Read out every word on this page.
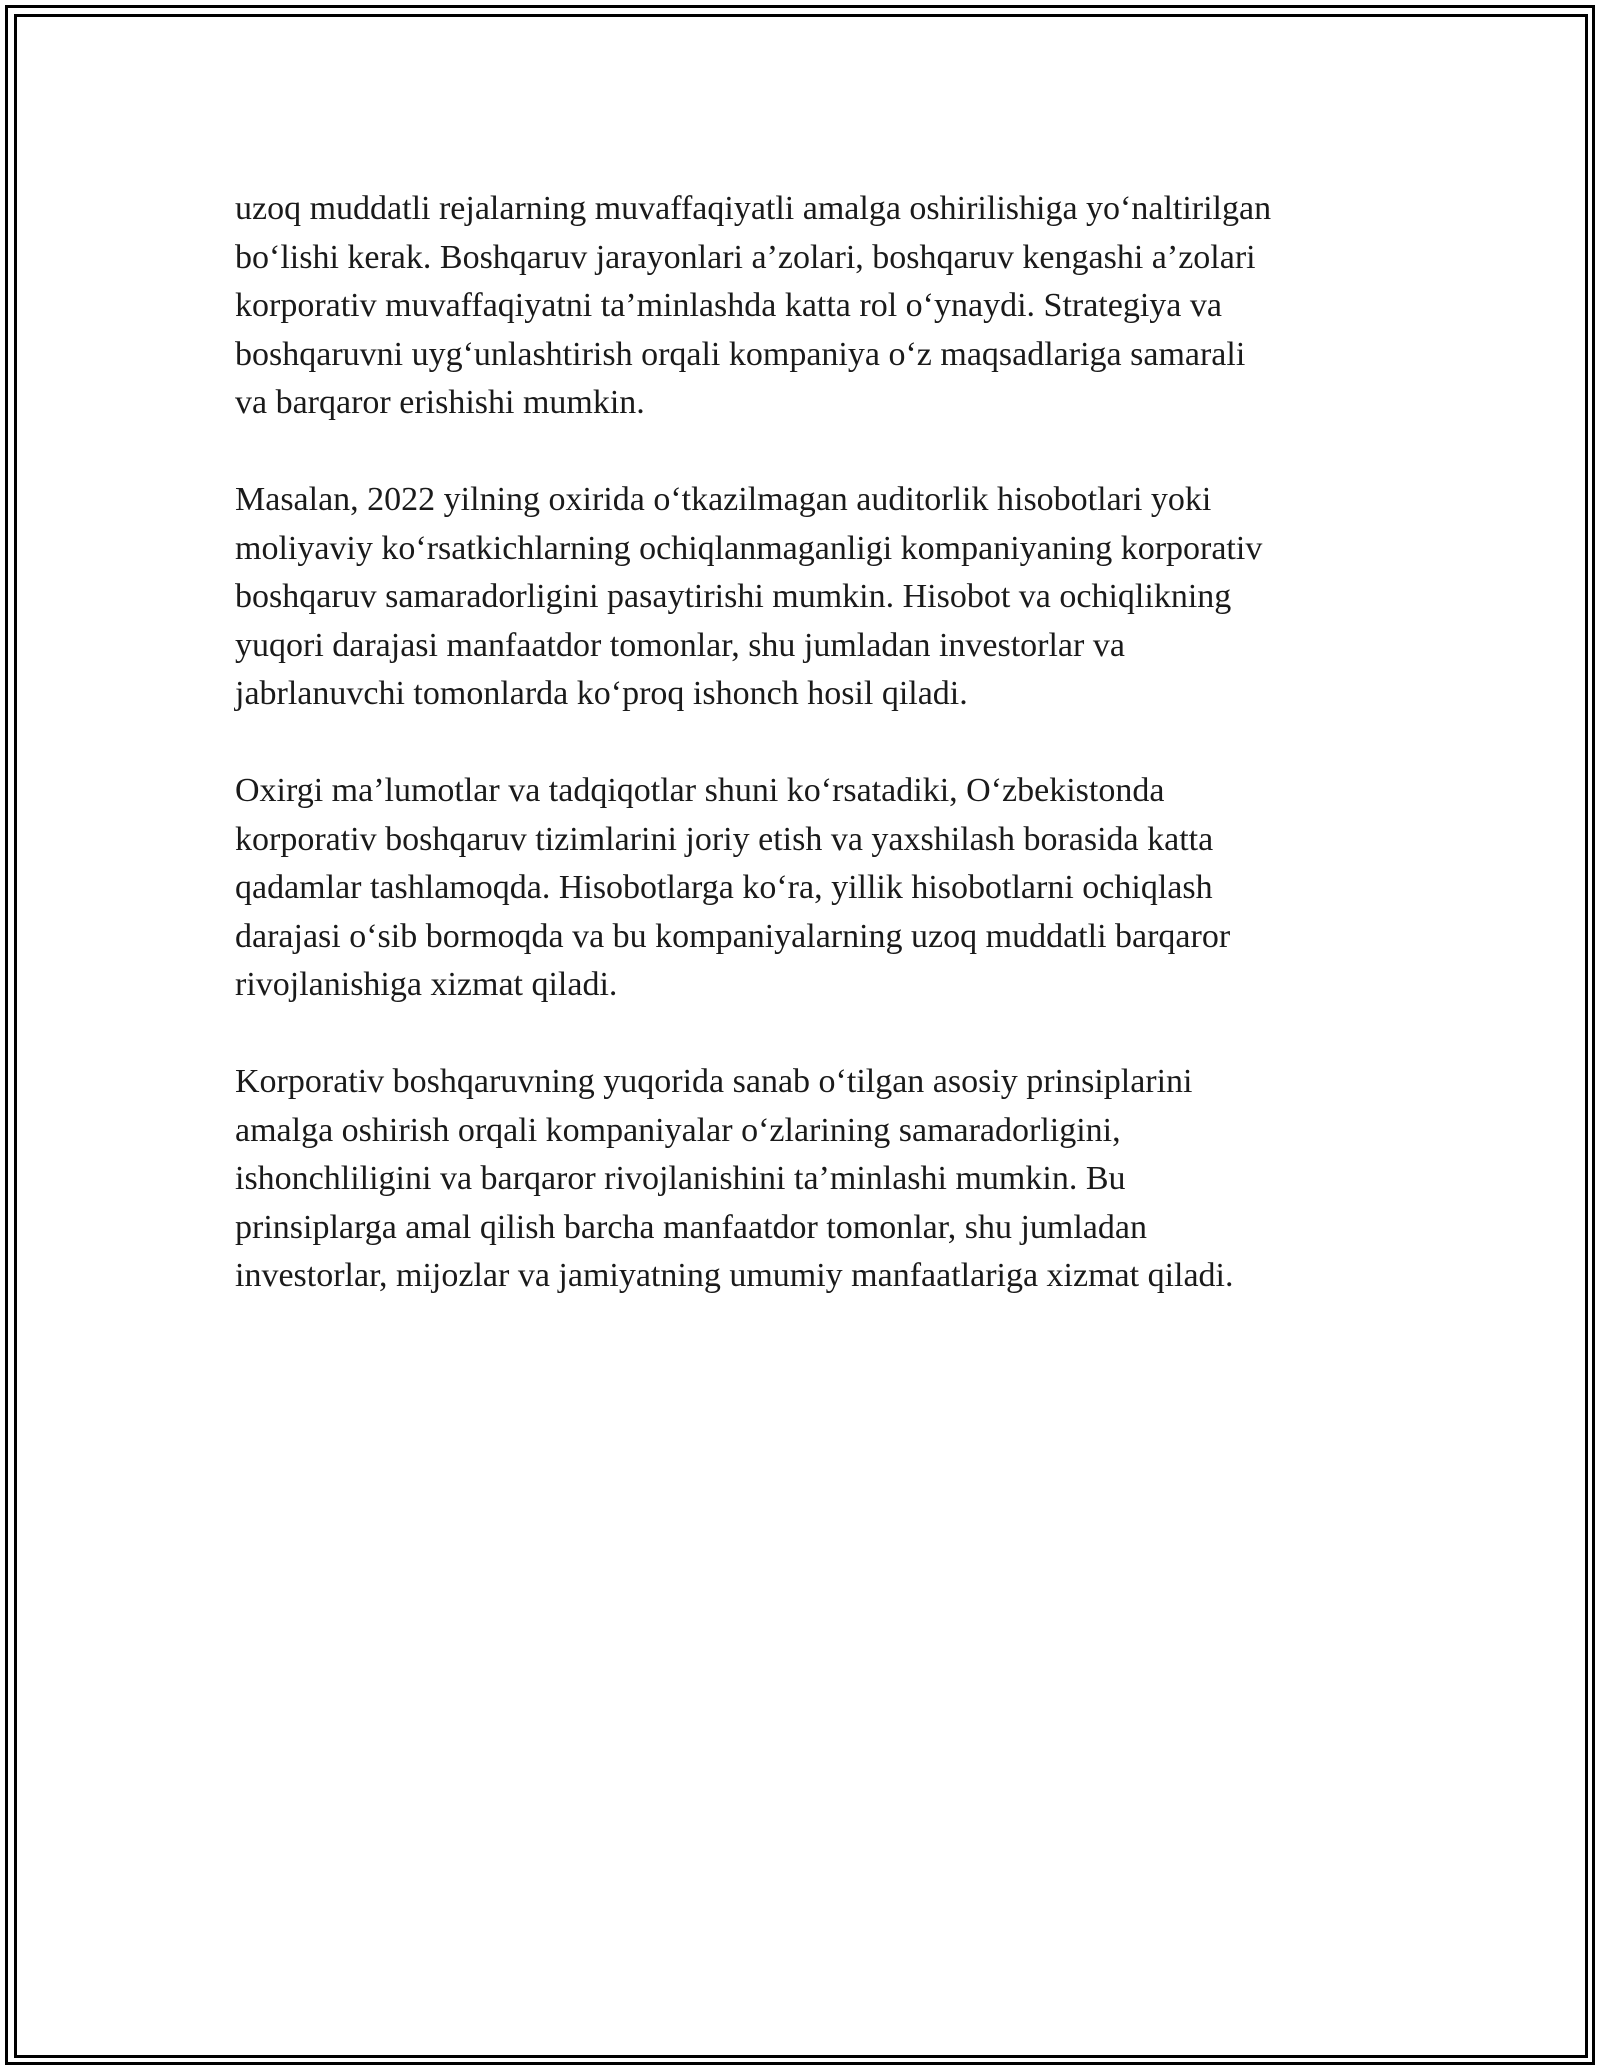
uzoq muddatli rejalarning muvaffaqiyatli amalga oshirilishiga yo‘naltirilgan
bo‘lishi kerak. Boshqaruv jarayonlari a’zolari, boshqaruv kengashi a’zolari
korporativ muvaffaqiyatni ta’minlashda katta rol o‘ynaydi. Strategiya va
boshqaruvni uyg‘unlashtirish orqali kompaniya o‘z maqsadlariga samarali
va barqaror erishishi mumkin.

Masalan, 2022 yilning oxirida o‘tkazilmagan auditorlik hisobotlari yoki
moliyaviy ko‘rsatkichlarning ochiqlanmaganligi kompaniyaning korporativ
boshqaruv samaradorligini pasaytirishi mumkin. Hisobot va ochiqlikning
yuqori darajasi manfaatdor tomonlar, shu jumladan investorlar va
jabrlanuvchi tomonlarda ko‘proq ishonch hosil qiladi.

Oxirgi ma’lumotlar va tadqiqotlar shuni ko‘rsatadiki, O‘zbekistonda
korporativ boshqaruv tizimlarini joriy etish va yaxshilash borasida katta
qadamlar tashlamoqda. Hisobotlarga ko‘ra, yillik hisobotlarni ochiqlash
darajasi o‘sib bormoqda va bu kompaniyalarning uzoq muddatli barqaror
rivojlanishiga xizmat qiladi.

Korporativ boshqaruvning yuqorida sanab o‘tilgan asosiy prinsiplarini
amalga oshirish orqali kompaniyalar o‘zlarining samaradorligini,
ishonchliligini va barqaror rivojlanishini ta’minlashi mumkin. Bu
prinsiplarga amal qilish barcha manfaatdor tomonlar, shu jumladan
investorlar, mijozlar va jamiyatning umumiy manfaatlariga xizmat qiladi.
